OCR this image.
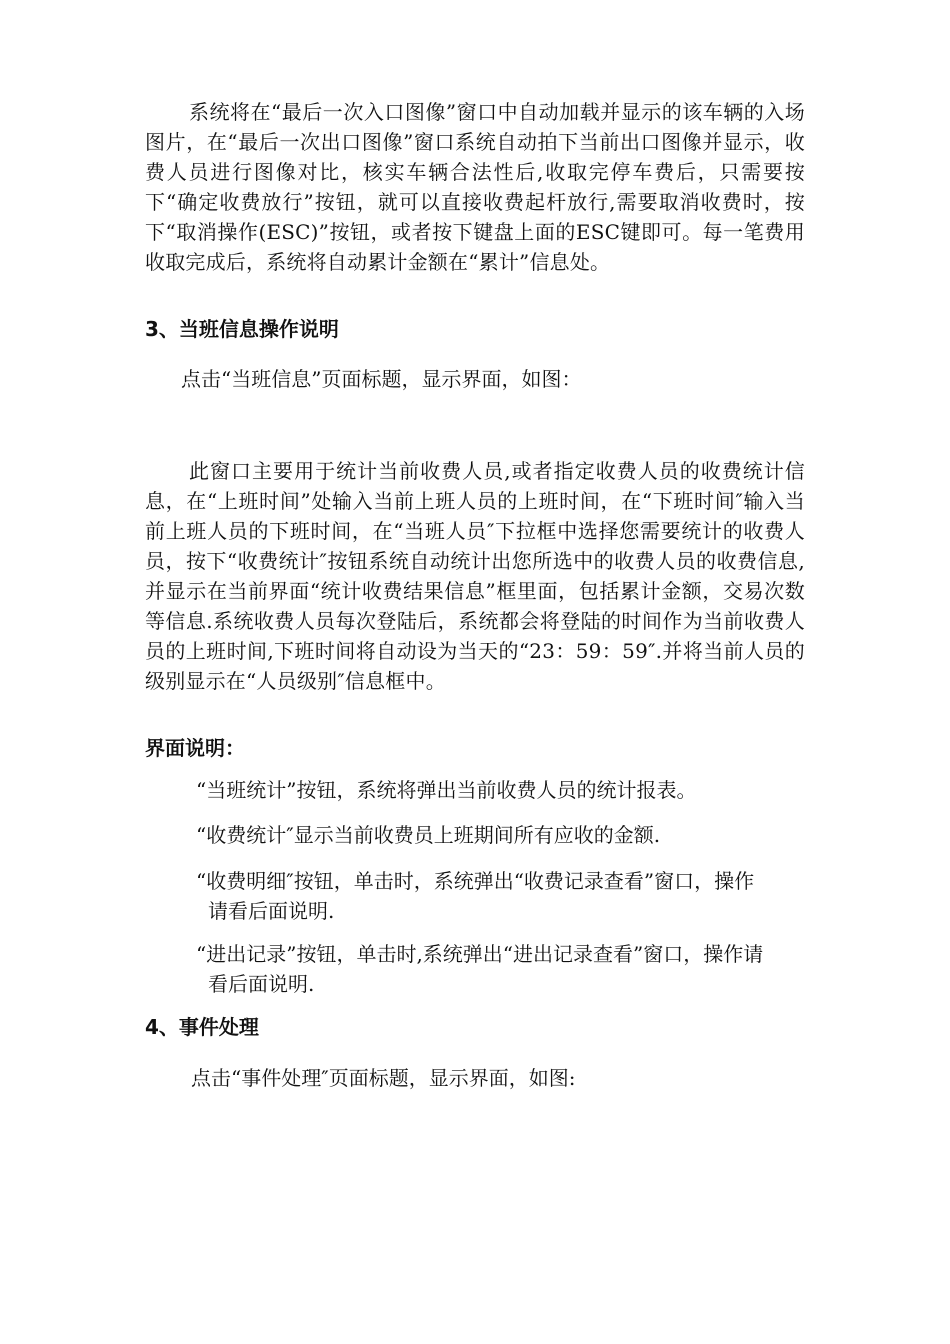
系统将在“最后一次入口图像”窗口中自动加载并显示的该车辆的入场图片，在“最后一次出口图像”窗口系统自动拍下当前出口图像并显示，收费人员进行图像对比，核实车辆合法性后,收取完停车费后，只需要按下“确定收费放行”按钮，就可以直接收费起杆放行,需要取消收费时，按下“取消操作(ESC)”按钮，或者按下键盘上面的ESC键即可。每一笔费用收取完成后，系统将自动累计金额在“累计”信息处。

3、当班信息操作说明

点击“当班信息”页面标题，显示界面，如图：

此窗口主要用于统计当前收费人员,或者指定收费人员的收费统计信息，在“上班时间”处输入当前上班人员的上班时间，在“下班时间″输入当前上班人员的下班时间，在“当班人员″下拉框中选择您需要统计的收费人员，按下“收费统计″按钮系统自动统计出您所选中的收费人员的收费信息,并显示在当前界面“统计收费结果信息”框里面，包括累计金额，交易次数等信息.系统收费人员每次登陆后，系统都会将登陆的时间作为当前收费人员的上班时间,下班时间将自动设为当天的“23：59：59″.并将当前人员的级别显示在“人员级别″信息框中。

界面说明：

“当班统计”按钮，系统将弹出当前收费人员的统计报表。

“收费统计″显示当前收费员上班期间所有应收的金额.

“收费明细″按钮，单击时，系统弹出“收费记录查看”窗口，操作请看后面说明.

“进出记录”按钮，单击时,系统弹出“进出记录查看”窗口，操作请看后面说明.

4、事件处理

点击“事件处理″页面标题，显示界面，如图:
